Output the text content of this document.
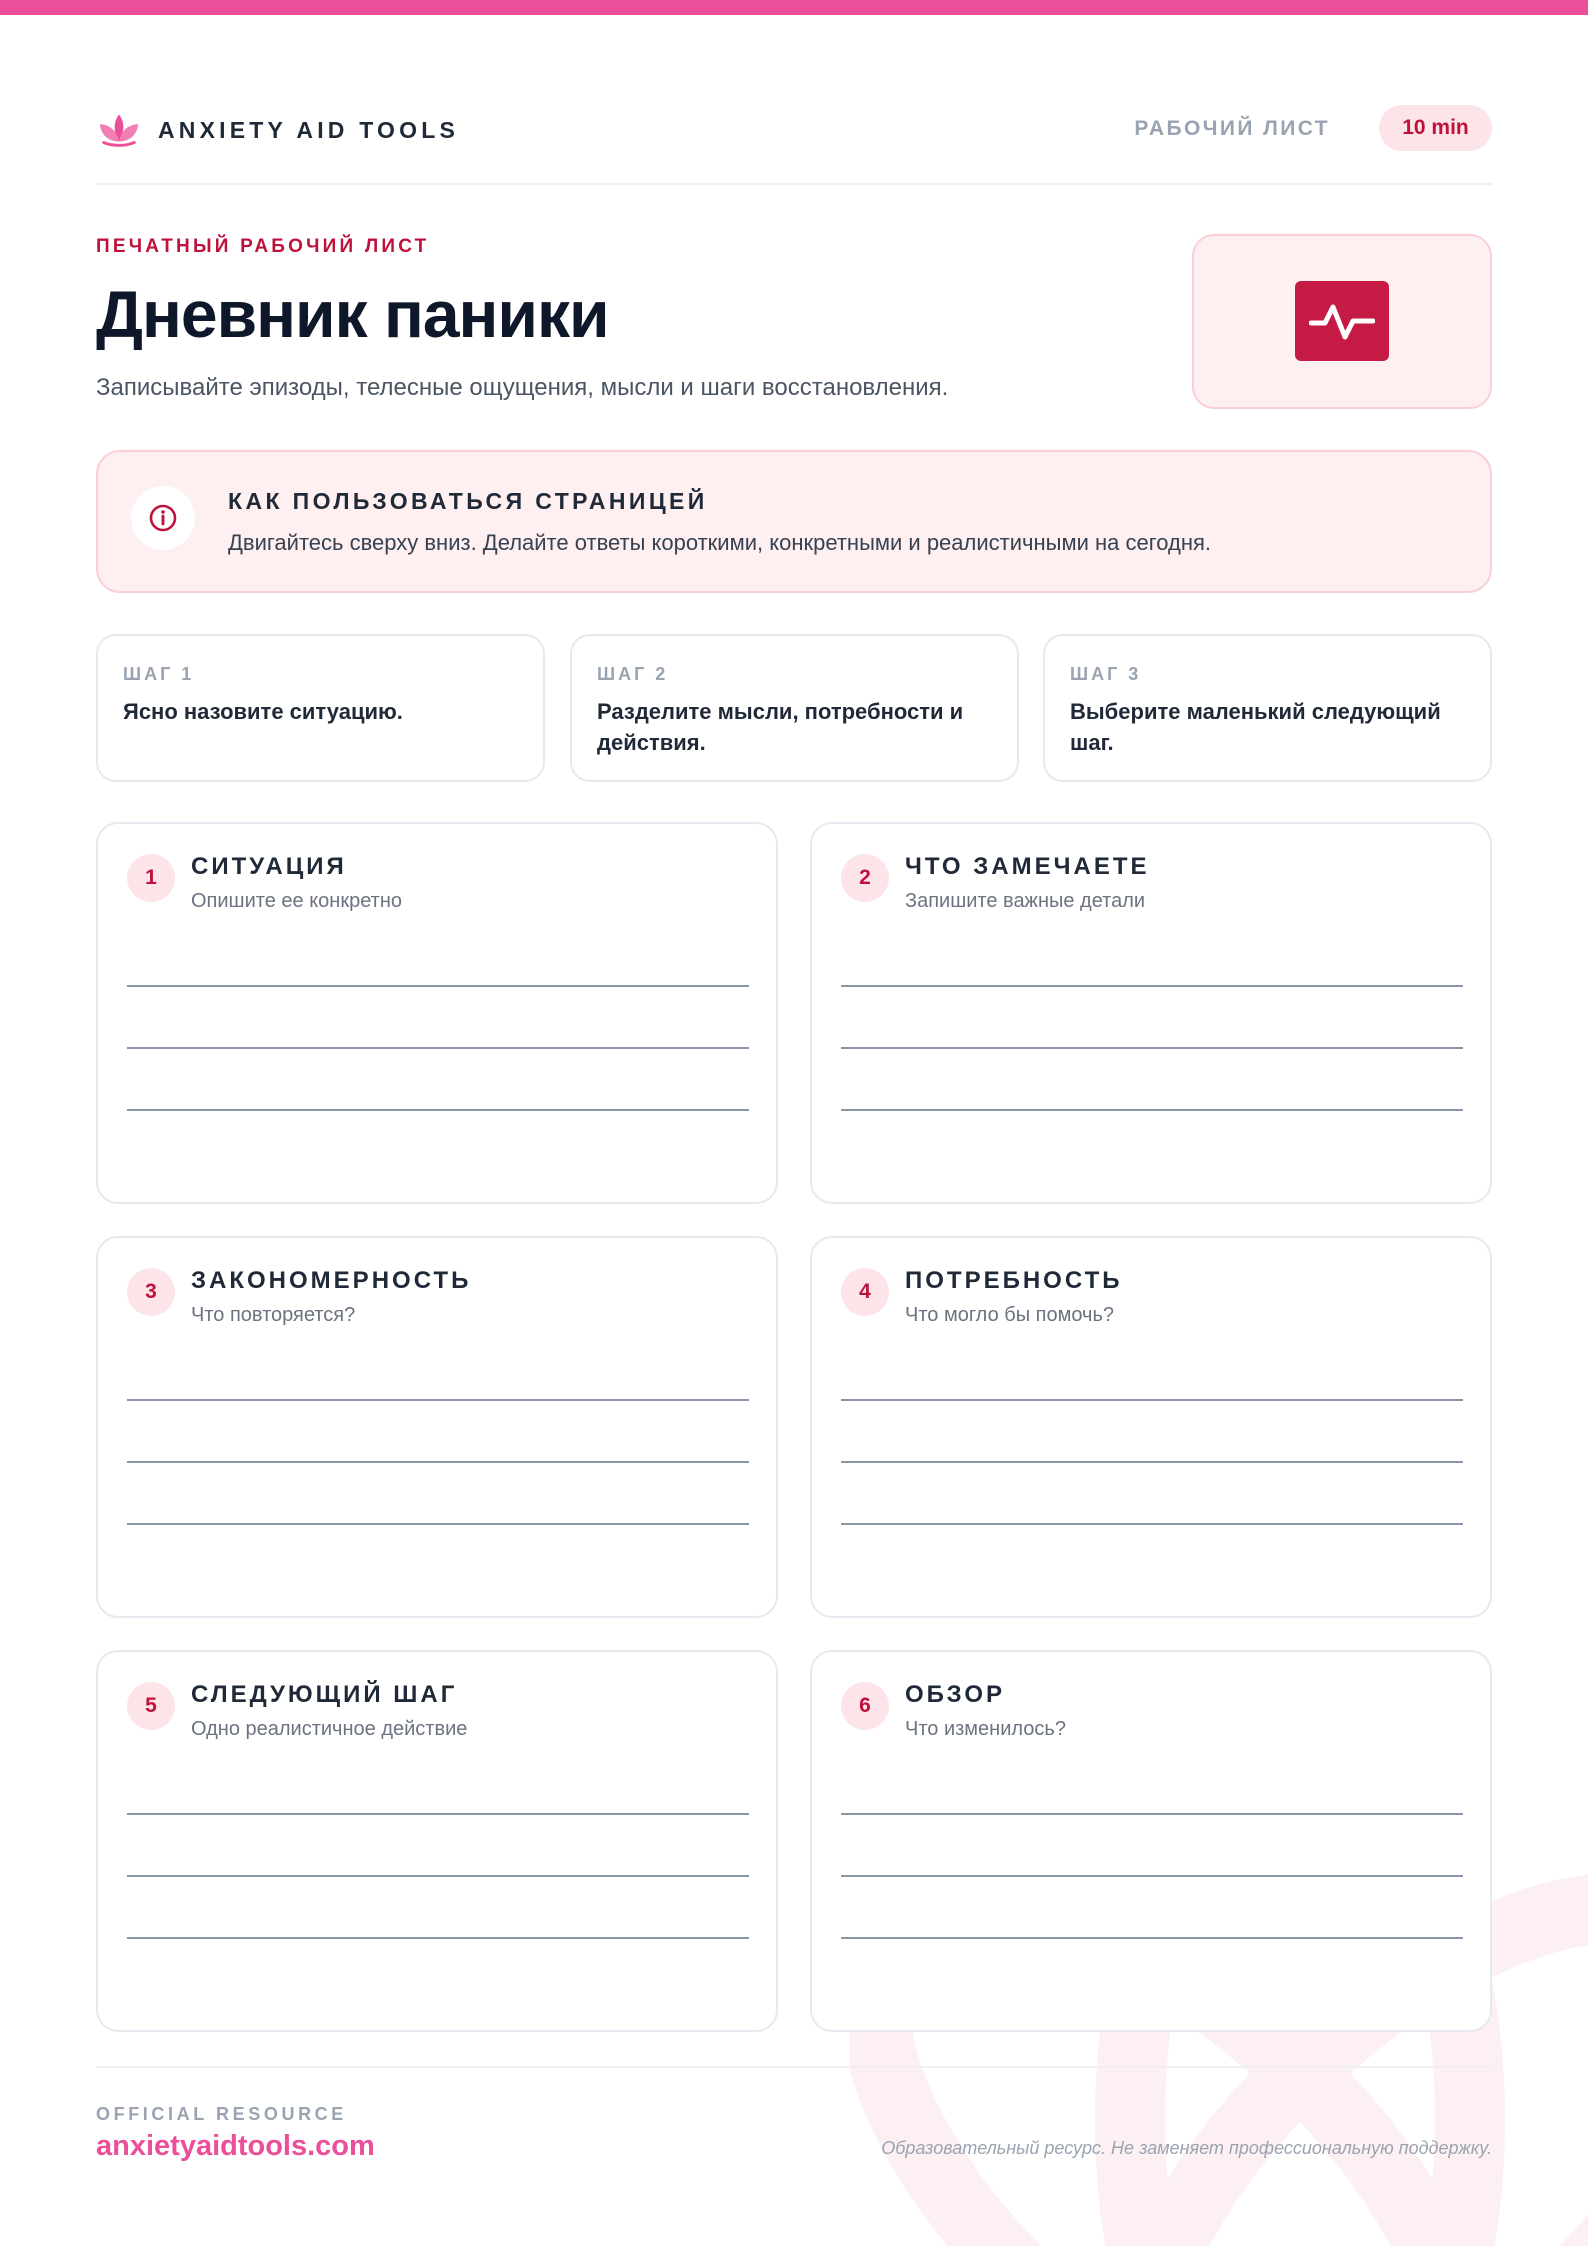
ANXIETY AID TOOLS	РАБОЧИЙ ЛИСТ	10 min
ПЕЧАТНЫЙ РАБОЧИЙ ЛИСТ
Дневник паники

Записывайте эпизоды, телесные ощущения, мысли и шаги восстановления.

КАК ПОЛЬЗОВАТЬСЯ СТРАНИЦЕЙ
Двигайтесь сверху вниз. Делайте ответы короткими, конкретными и реалистичными на сегодня.
ШАГ 1
Ясно назовите ситуацию.
ШАГ 2
Разделите мысли, потребности и действия.
ШАГ 3
Выберите маленький следующий шаг.
1	СИТУАЦИЯ
Опишите ее конкретно
2	ЧТО ЗАМЕЧАЕТЕ
Запишите важные детали
3	ЗАКОНОМЕРНОСТЬ
Что повторяется?
4	ПОТРЕБНОСТЬ
Что могло бы помочь?
5	СЛЕДУЮЩИЙ ШАГ
Одно реалистичное действие
6	ОБЗОР
Что изменилось?
OFFICIAL RESOURCE
anxietyaidtools.com	Образовательный ресурс. Не заменяет профессиональную поддержку.
